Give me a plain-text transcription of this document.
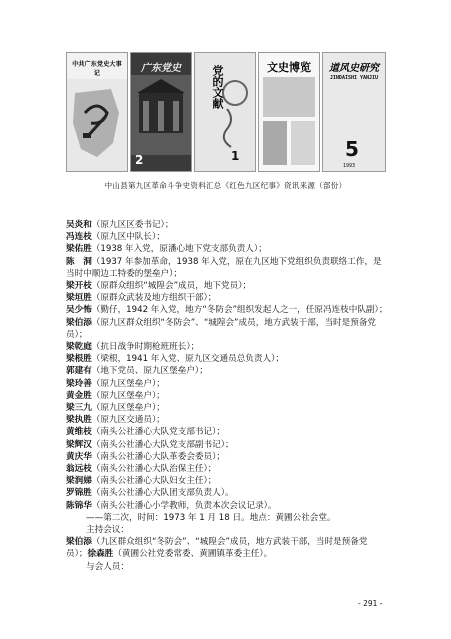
中共广东党史大事记	广东党史
2
党的文献
1
文史博览	道风史研究
JINDAISHI YANJIU
5
1993
中山县第九区革命斗争史资料汇总《红色九区纪事》资讯来源（部份）

吴炎和（原九区区委书记）；

冯连枝（原九区中队长）；

梁佑胜（1938 年入党，原潘心地下党支部负责人）；

陈　洞（1937 年参加革命，1938 年入党，原在九区地下党组织负责联络工作，是当时中顺边工特委的堡垒户）；

梁开枝（原群众组织“城隍会”成员，地下党员）；

梁垣胜（原群众武装及地方组织干部）；

吴少怖（勤仔，1942 年入党，地方“冬防会”组织发起人之一，任原冯连枝中队副）；

梁伯添（原九区群众组织“冬防会”、“城隍会”成员，地方武装干部，当时是预备党员）；

梁乾庭（抗日战争时期枪班班长）；

梁根胜（梁根，1941 年入党、原九区交通员总负责人）；

郭建有（地下党员、原九区堡垒户）；

梁玲善（原九区堡垒户）；

黄金胜（原九区堡垒户）；

梁三九（原九区堡垒户）；

梁执胜（原九区交通员）；

黄维枝（南头公社潘心大队党支部书记）；

梁辉汉（南头公社潘心大队党支部副书记）；

黄庆华（南头公社潘心大队革委会委员）；

翁远枝（南头公社潘心大队治保主任）；

梁润娣（南头公社潘心大队妇女主任）；

罗锦胜（南头公社潘心大队团支部负责人）。

陈锦华（南头公社潘心小学教师，负责本次会议记录）。

——第二次，时间：1973 年 1 月 18 日。地点：黄圃公社会堂。

主持会议：

梁伯添（九区群众组织“冬防会”、“城隍会”成员，地方武装干部，当时是预备党员）；徐森胜（黄圃公社党委常委、黄圃镇革委主任）。

与会人员：

- 291 -
